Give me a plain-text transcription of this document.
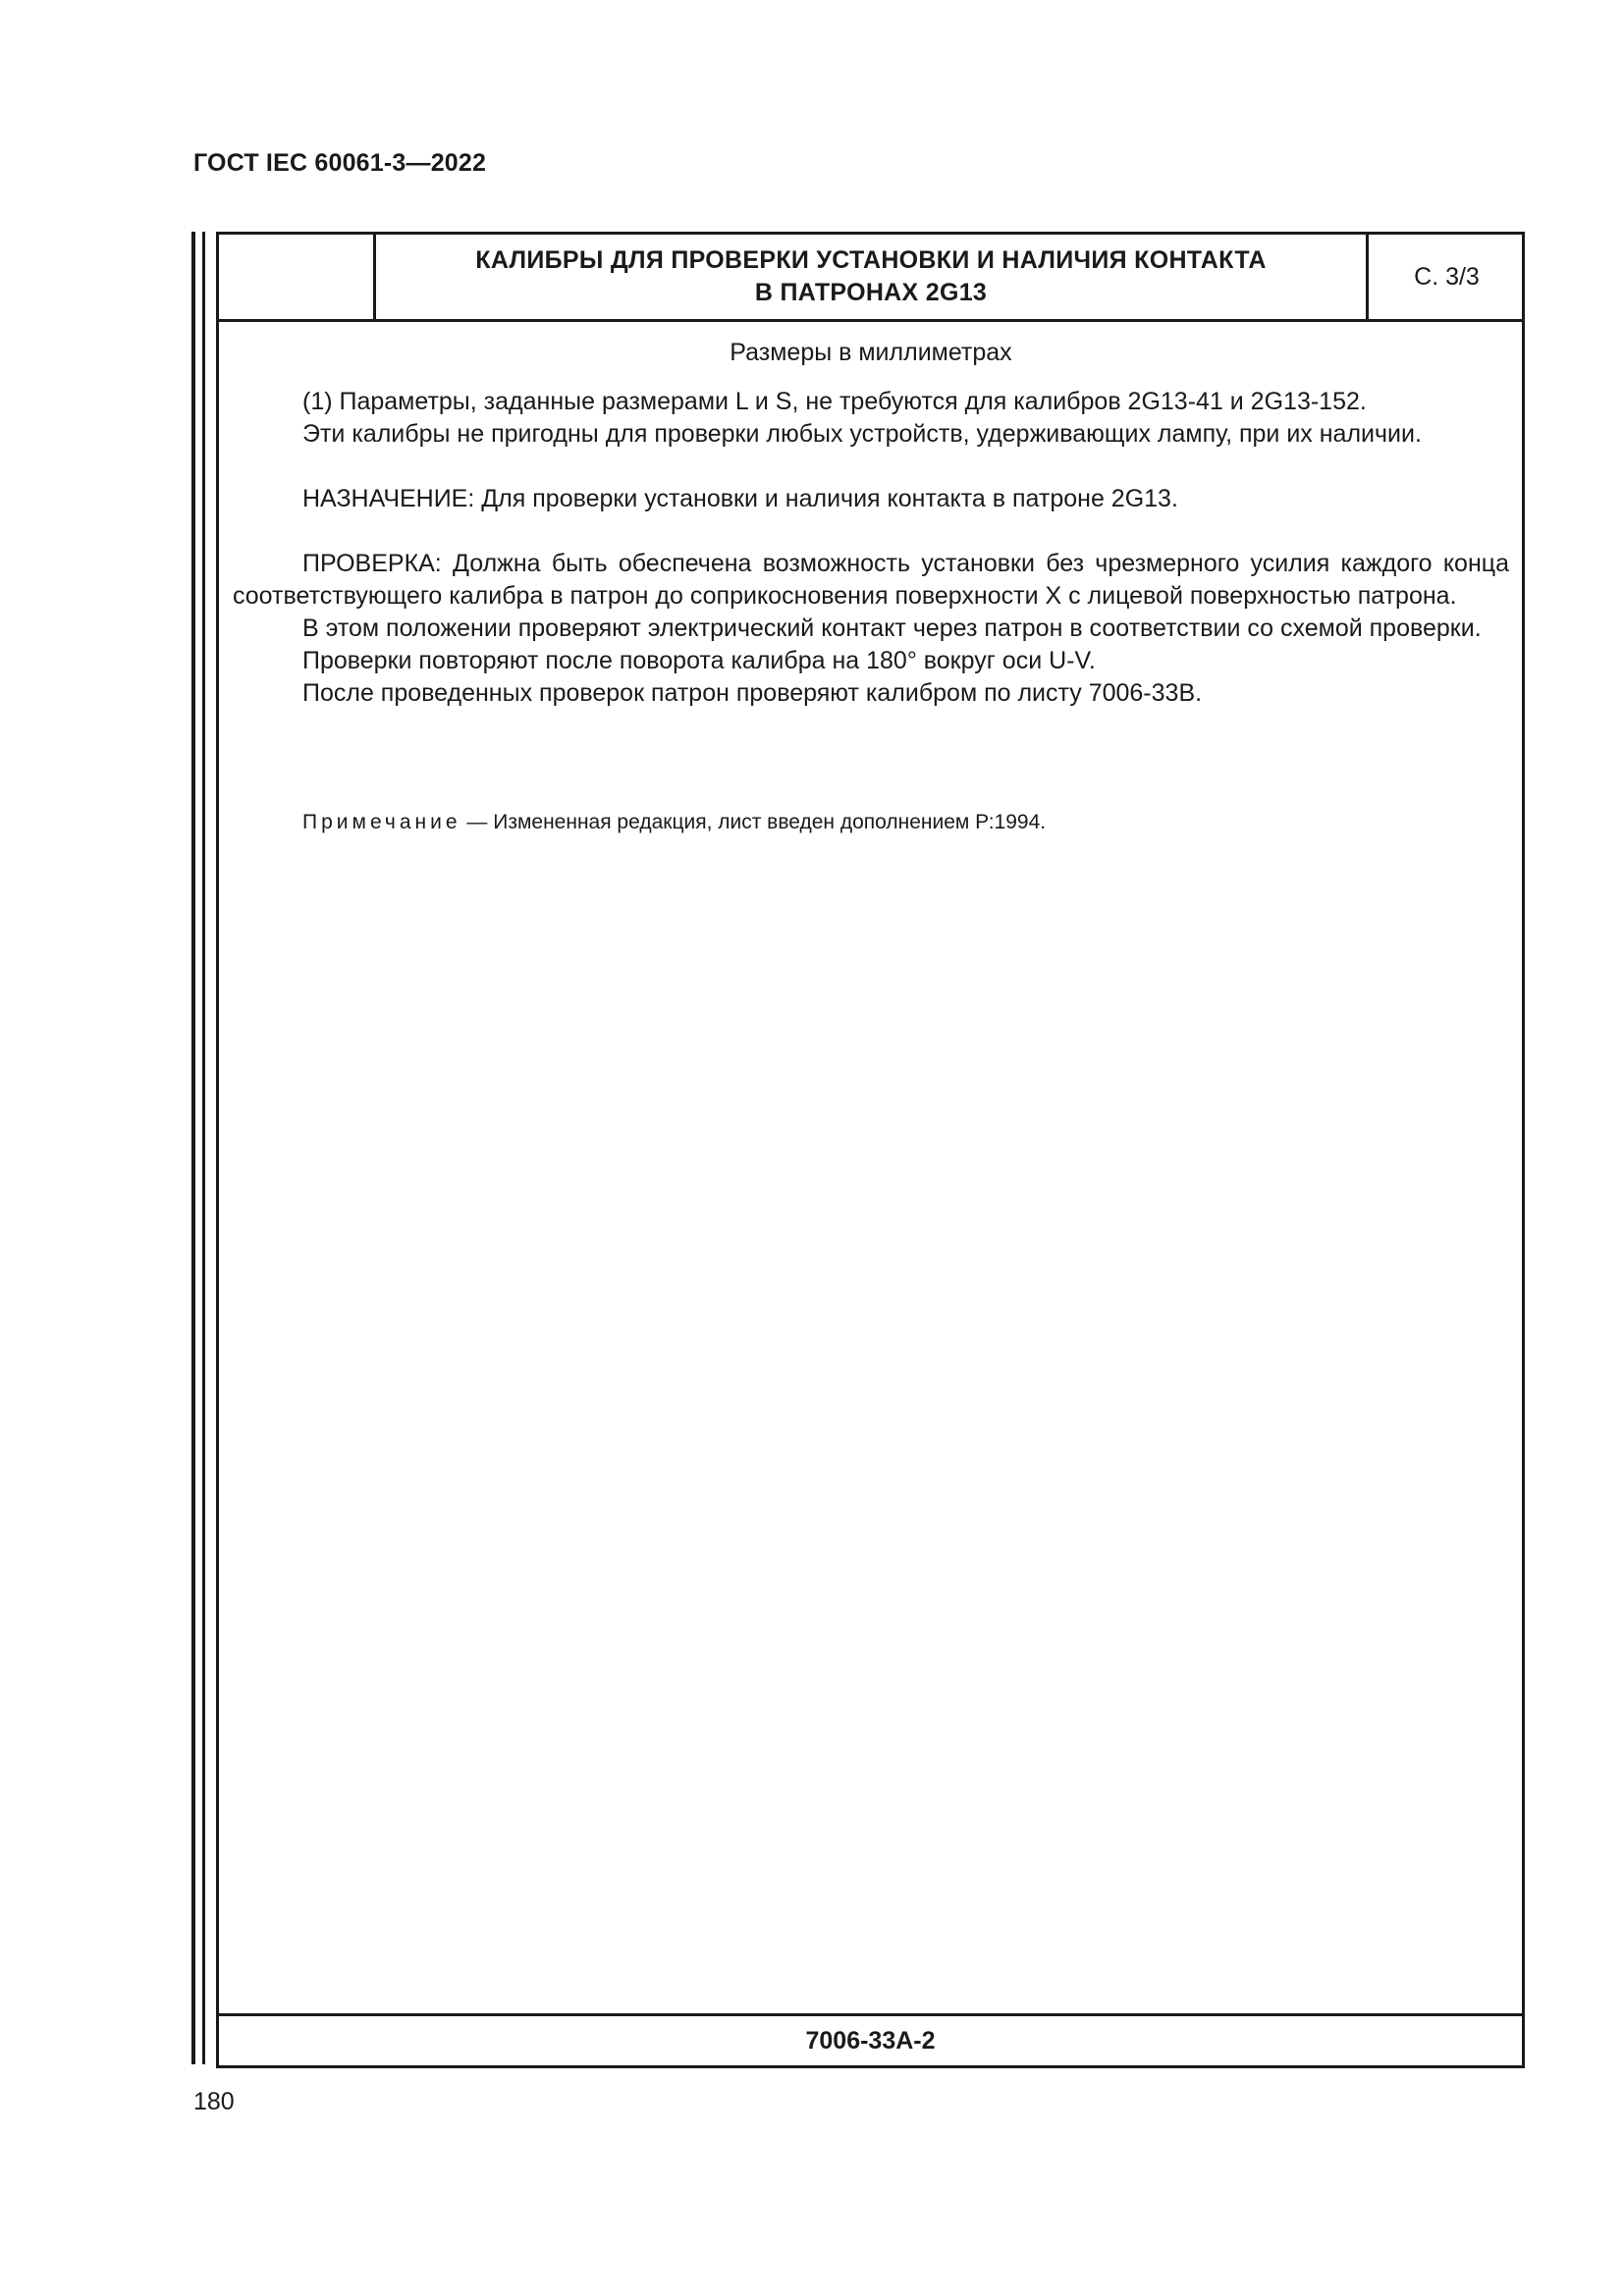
ГОСТ IEC 60061-3—2022
КАЛИБРЫ ДЛЯ ПРОВЕРКИ УСТАНОВКИ И НАЛИЧИЯ КОНТАКТА
В ПАТРОНАХ 2G13
С. 3/3

Размеры в миллиметрах

(1) Параметры, заданные размерами L и S, не требуются для калибров 2G13-41 и 2G13-152.

Эти калибры не пригодны для проверки любых устройств, удерживающих лампу, при их наличии.

НАЗНАЧЕНИЕ: Для проверки установки и наличия контакта в патроне 2G13.

ПРОВЕРКА: Должна быть обеспечена возможность установки без чрезмерного усилия каждого конца соответствующего калибра в патрон до соприкосновения поверхности X с лицевой поверхностью патрона.

В этом положении проверяют электрический контакт через патрон в соответствии со схемой проверки.

Проверки повторяют после поворота калибра на 180° вокруг оси U-V.

После проведенных проверок патрон проверяют калибром по листу 7006-33В.

Примечание — Измененная редакция, лист введен дополнением Р:1994.

7006-33А-2
180
